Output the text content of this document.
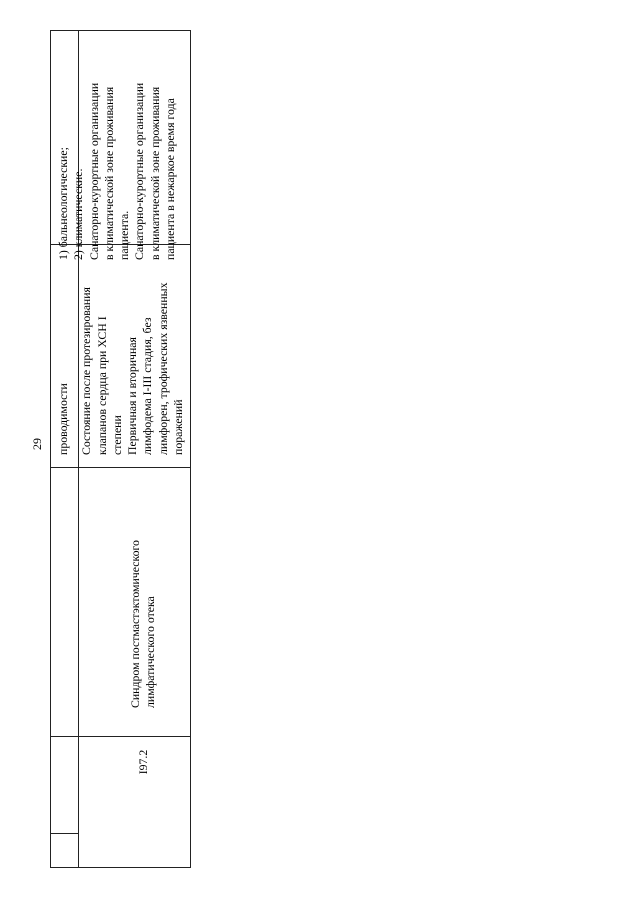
29
I97.2
Синдром постмастэктомического лимфатического отека
проводимости Состояние после протезирования клапанов сердца при ХСН I степени Первичная и вторичная лимфодема I-III стадия, без лимфорен, трофических язвенных поражений
1) бальнеологические; 2) климатические. Санаторно-курортные организации в климатической зоне проживания пациента. Санаторно-курортные организации в климатической зоне проживания пациента в нежаркое время года
